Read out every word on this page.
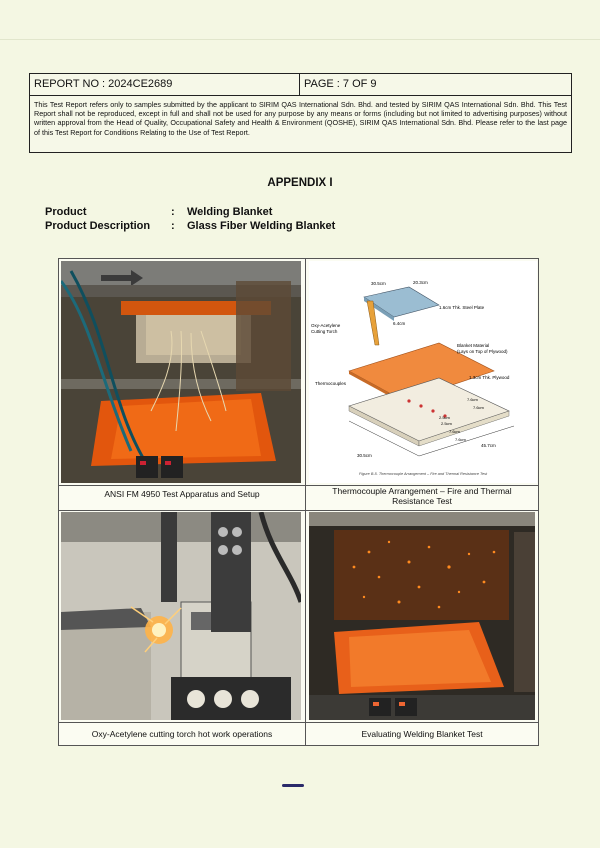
REPORT NO : 2024CE2689	PAGE : 7 OF 9
This Test Report refers only to samples submitted by the applicant to SIRIM QAS International Sdn. Bhd. and tested by SIRIM QAS International Sdn. Bhd. This Test Report shall not be reproduced, except in full and shall not be used for any purpose by any means or forms (including but not limited to advertising purposes) without written approval from the Head of Quality, Occupational Safety and Health & Environment (QOSHE), SIRIM QAS International Sdn. Bhd. Please refer to the last page of this Test Report for Conditions Relating to the Use of Test Report.
APPENDIX I
Product	: Welding Blanket
Product Description : Glass Fiber Welding Blanket
30.5cm	20.3cm
1.6cm Thk. Steel Plate
Oxy-Acetylene
Cutting Torch
6.4cm
Blanket Material
(Lays on Top of Plywood)
1.3cm Thk. Plywood
Thermocouples
30.5cm
45.7cm
7.6cm
7.6cm
7.6cm
7.6cm
2.5cm
2.5cm
Figure B-5. Thermocouple Arrangement – Fire and Thermal Resistance Test
ANSI FM 4950 Test Apparatus and Setup	Thermocouple Arrangement – Fire and Thermal
Resistance Test
Oxy-Acetylene cutting torch hot work operations	Evaluating Welding Blanket Test
